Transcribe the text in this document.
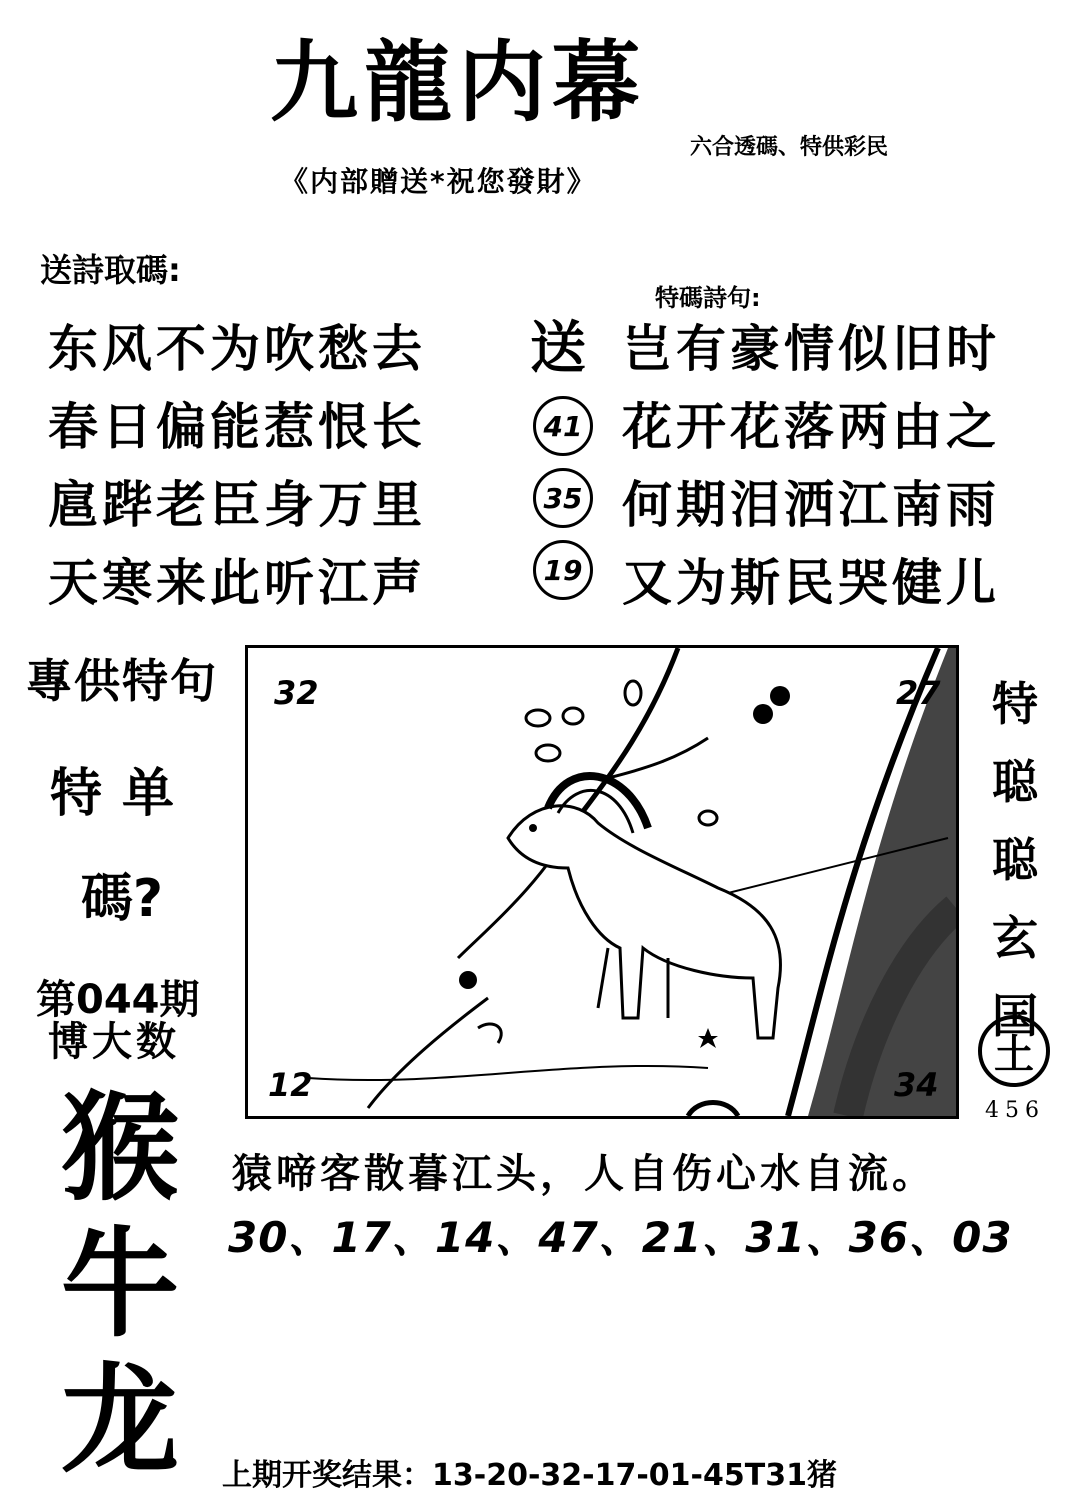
九龍内幕
六合透碼、特供彩民
《内部贈送*祝您發財》
送詩取碼:
东风不为吹愁去
春日偏能惹恨长
扈跸老臣身万里
天寒来此听江声
特碼詩句:
送
41
35
19
岂有豪情似旧时
花开花落两由之
何期泪洒江南雨
又为斯民哭健儿
專供特句
特单
碼?
第044期
博大数
猴
牛
龙
32	27
12	34
特
聪
聪
玄
国
土
456
猿啼客散暮江头，人自伤心水自流。
30、17、14、47、21、31、36、03
上期开奖结果：13-20-32-17-01-45T31猪
